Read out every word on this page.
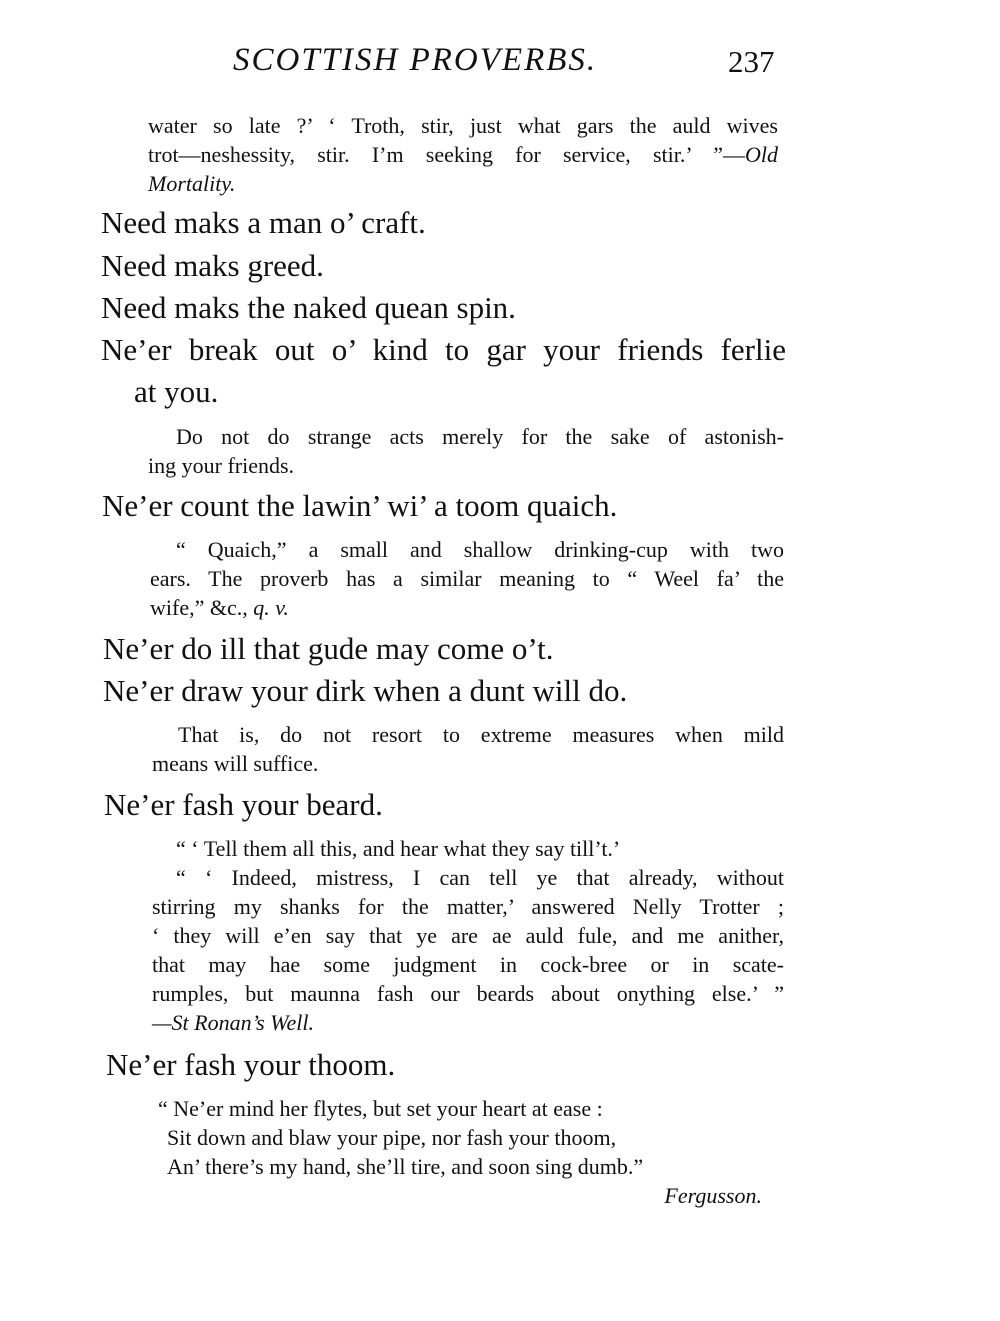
SCOTTISH PROVERBS.	237
water so late ?’ ‘ Troth, stir, just what gars the auld wives
trot—neshessity, stir. I’m seeking for service, stir.’ ”—Old
Mortality.
Need maks a man o’ craft.
Need maks greed.
Need maks the naked quean spin.
Ne’er break out o’ kind to gar your friends ferlie
at you.
Do not do strange acts merely for the sake of astonish-
ing your friends.
Ne’er count the lawin’ wi’ a toom quaich.
“ Quaich,” a small and shallow drinking-cup with two
ears. The proverb has a similar meaning to “ Weel fa’ the
wife,” &c., q. v.
Ne’er do ill that gude may come o’t.
Ne’er draw your dirk when a dunt will do.
That is, do not resort to extreme measures when mild
means will suffice.
Ne’er fash your beard.
“ ‘ Tell them all this, and hear what they say till’t.’
“ ‘ Indeed, mistress, I can tell ye that already, without
stirring my shanks for the matter,’ answered Nelly Trotter ;
‘ they will e’en say that ye are ae auld fule, and me anither,
that may hae some judgment in cock-bree or in scate-
rumples, but maunna fash our beards about onything else.’ ”
—St Ronan’s Well.
Ne’er fash your thoom.
“ Ne’er mind her flytes, but set your heart at ease :
Sit down and blaw your pipe, nor fash your thoom,
An’ there’s my hand, she’ll tire, and soon sing dumb.”
Fergusson.
